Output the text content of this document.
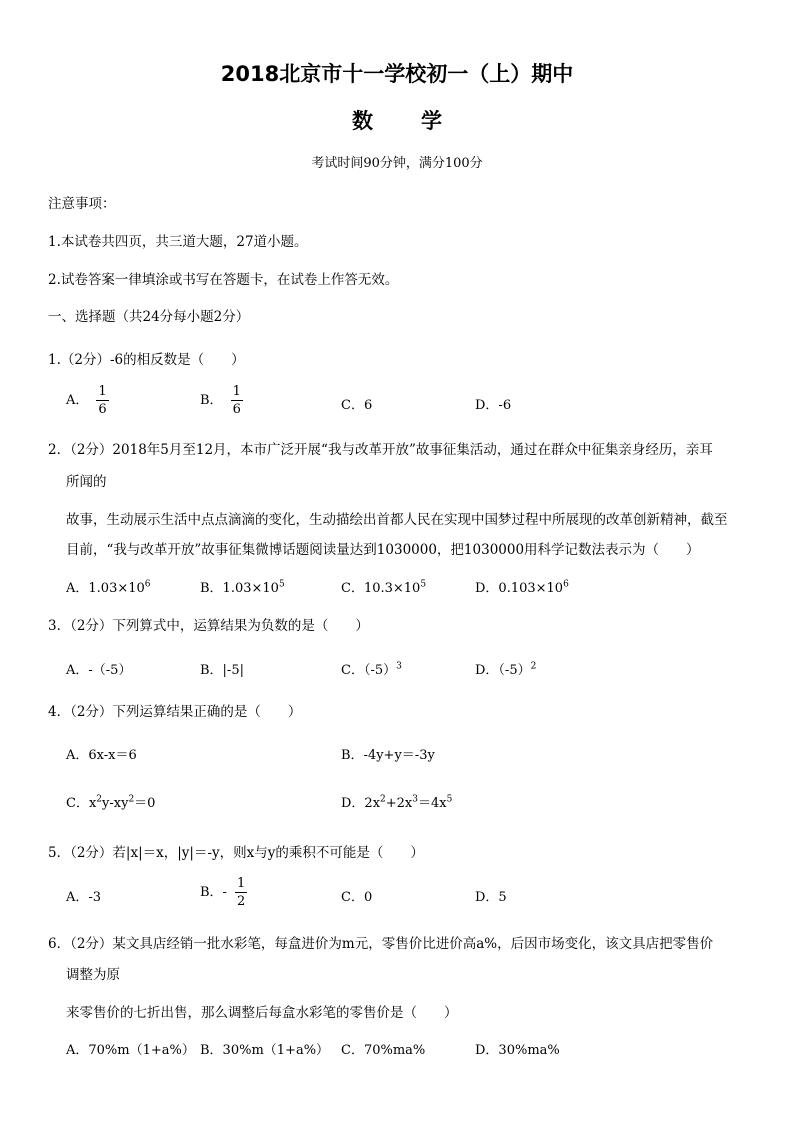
2018北京市十一学校初一（上）期中
数 学
考试时间90分钟，满分100分
注意事项：
1.本试卷共四页，共三道大题，27道小题。
2.试卷答案一律填涂或书写在答题卡，在试卷上作答无效。
一、选择题（共24分每小题2分）
1.（2分）-6的相反数是（　　）
A． $\frac{1}{6}$	B． $\frac{1}{6}$	C．6	D．-6
2．（2分）2018年5月至12月，本市广泛开展“我与改革开放”故事征集活动，通过在群众中征集亲身经历，亲耳
所闻的
故事，生动展示生活中点点滴滴的变化，生动描绘出首都人民在实现中国梦过程中所展现的改革创新精神，截至
目前，“我与改革开放”故事征集微博话题阅读量达到1030000，把1030000用科学记数法表示为（　　）
A．$1.03\times 10^6$	B．$1.03\times 10^5$	C．$10.3\times 10^5$	D．$0.103\times 10^6$
3．（2分）下列算式中，运算结果为负数的是（　　）
A．-（-5）	B．|-5|	C．$(-5)^3$	D．$(-5)^2$
4．（2分）下列运算结果正确的是（　　）
A．6x-x＝6	B．-4y+y＝-3y
C．$x^2y-xy^2=0$	D．$2x^2+2x^3=4x^5$
5．（2分）若|x|＝x，|y|＝-y，则x与y的乘积不可能是（　　）
A．-3	B．- $\frac{1}{2}$	C．0	D．5
6．（2分）某文具店经销一批水彩笔，每盒进价为m元，零售价比进价高a%，后因市场变化，该文具店把零售价
调整为原
来零售价的七折出售，那么调整后每盒水彩笔的零售价是（　　）
A．70%m（1+a%） B．30%m（1+a%） C．70%ma%	D．30%ma%
